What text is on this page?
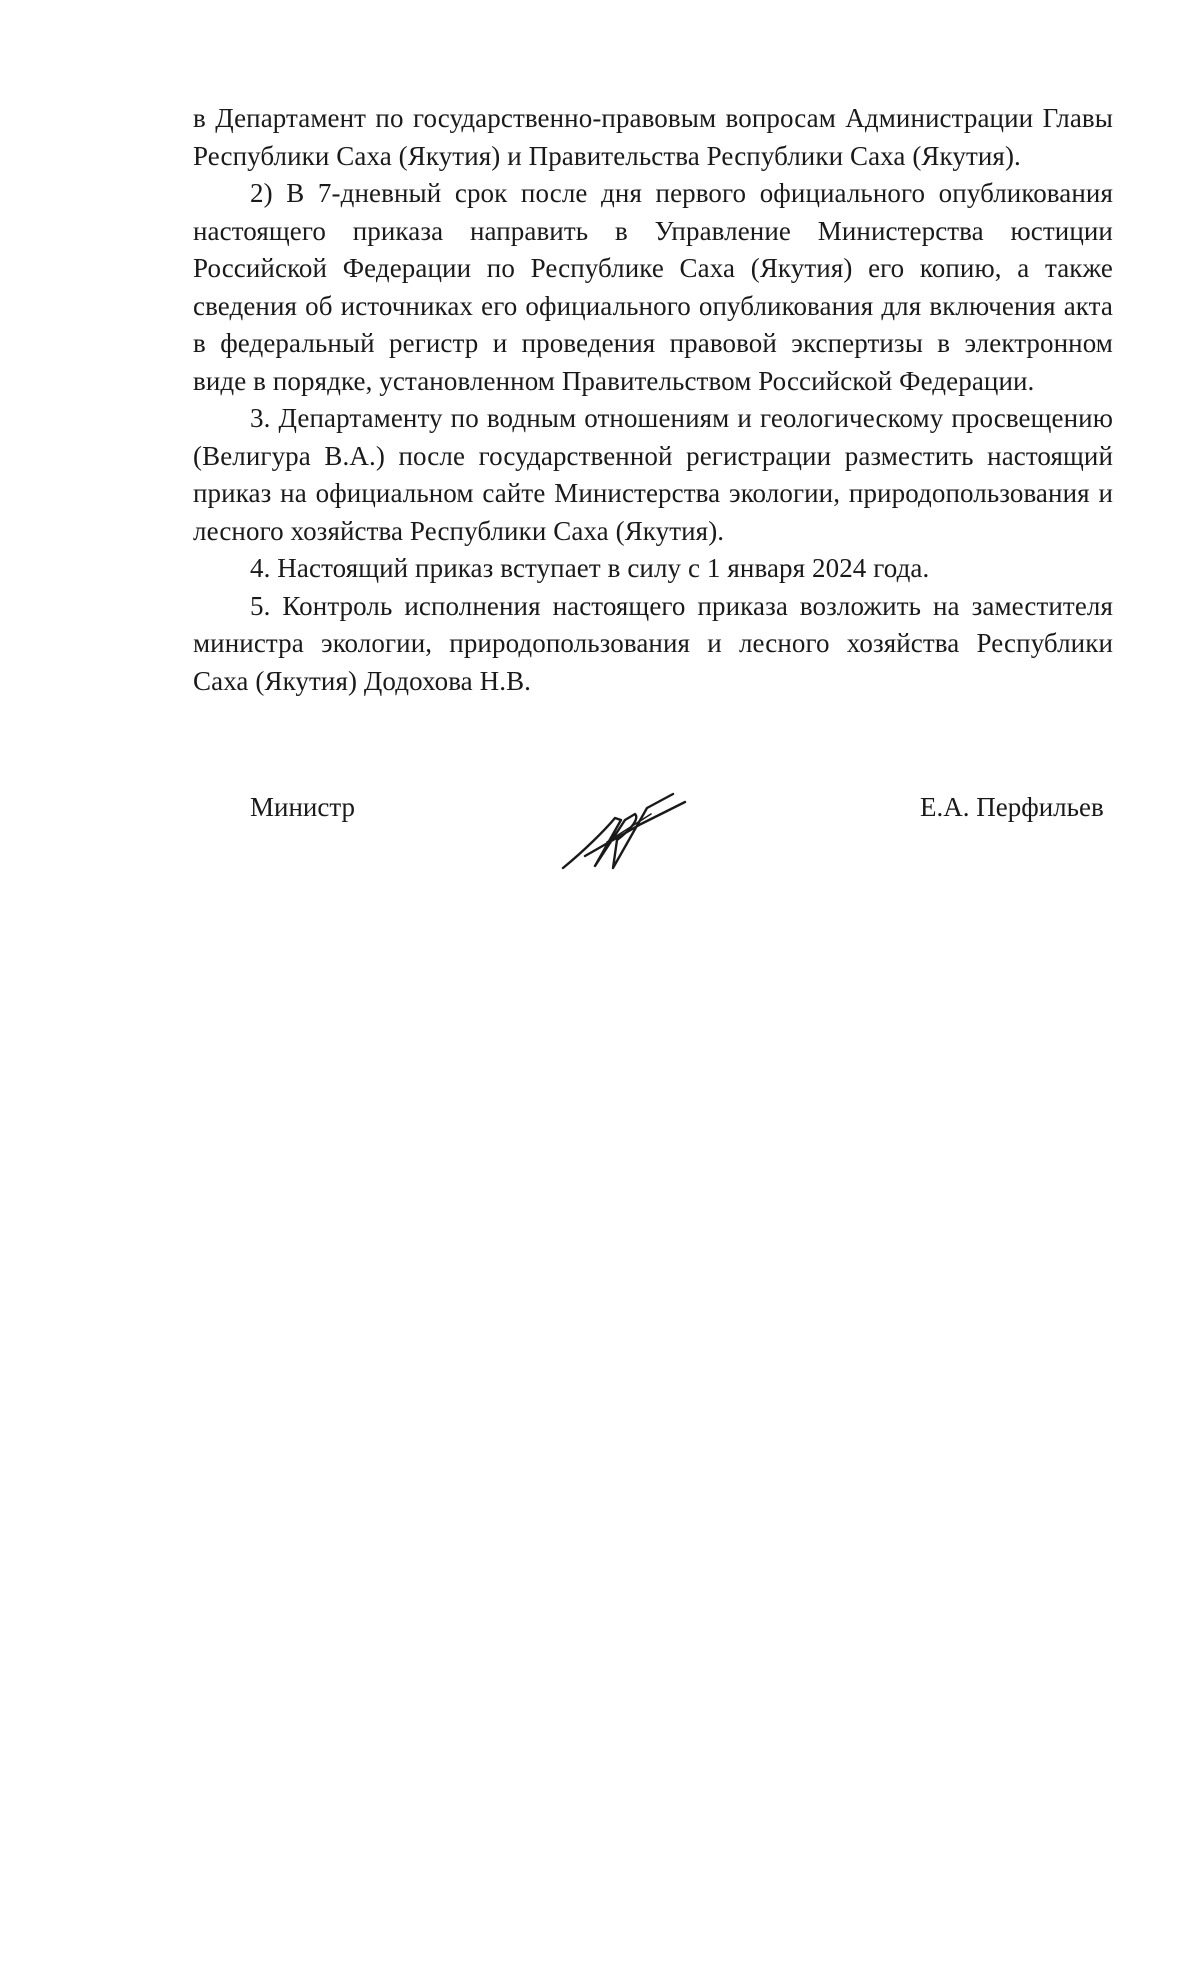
в Департамент по государственно-правовым вопросам Администрации Главы Республики Саха (Якутия) и Правительства Республики Саха (Якутия).

2) В 7-дневный срок после дня первого официального опубликования настоящего приказа направить в Управление Министерства юстиции Российской Федерации по Республике Саха (Якутия) его копию, а также сведения об источниках его официального опубликования для включения акта в федеральный регистр и проведения правовой экспертизы в электронном виде в порядке, установленном Правительством Российской Федерации.

3. Департаменту по водным отношениям и геологическому просвещению (Велигура В.А.) после государственной регистрации разместить настоящий приказ на официальном сайте Министерства экологии, природопользования и лесного хозяйства Республики Саха (Якутия).

4. Настоящий приказ вступает в силу с 1 января 2024 года.

5. Контроль исполнения настоящего приказа возложить на заместителя министра экологии, природопользования и лесного хозяйства Республики Саха (Якутия) Додохова Н.В.

Министр	Е.А. Перфильев
